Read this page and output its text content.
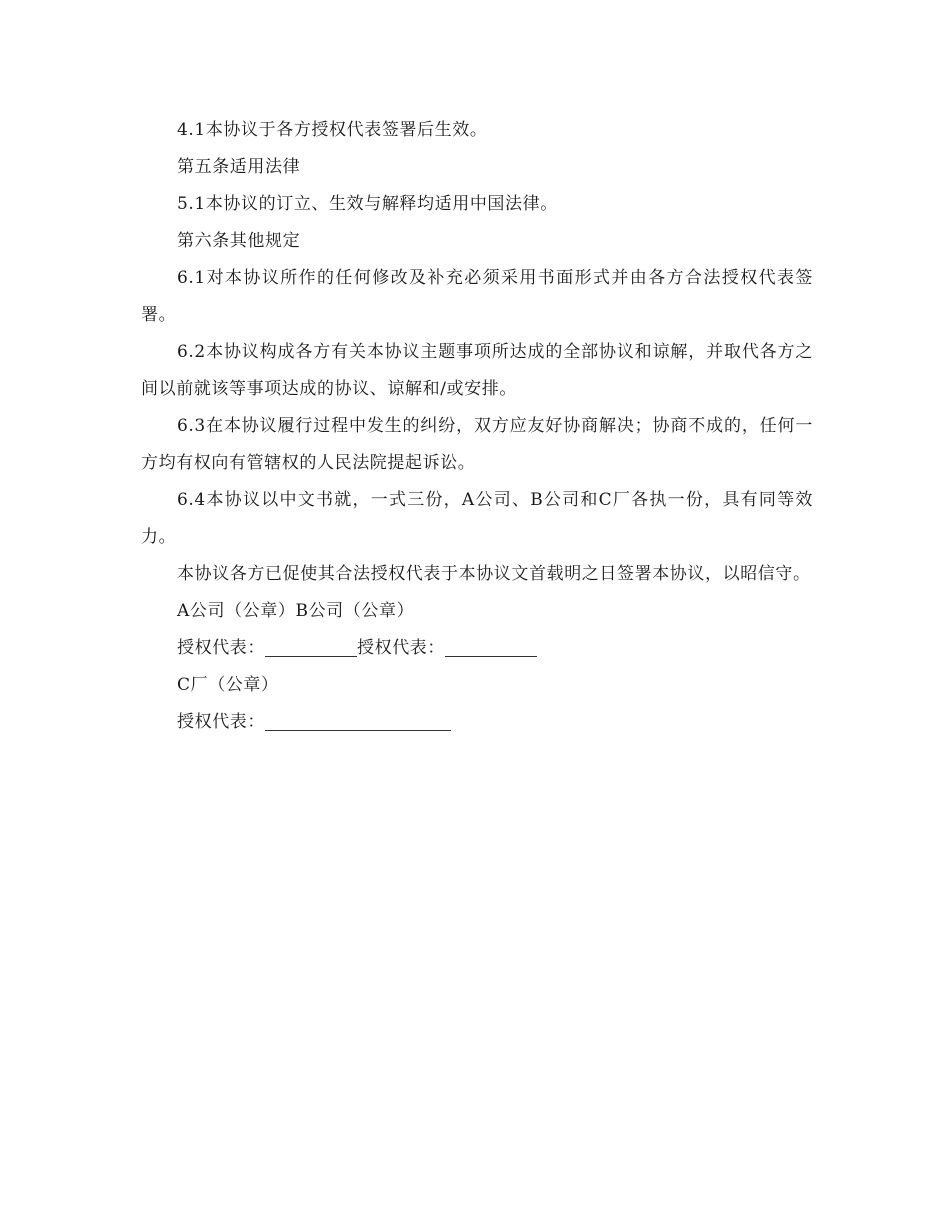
4.1本协议于各方授权代表签署后生效。

第五条适用法律

5.1本协议的订立、生效与解释均适用中国法律。

第六条其他规定

6.1对本协议所作的任何修改及补充必须采用书面形式并由各方合法授权代表签署。

6.2本协议构成各方有关本协议主题事项所达成的全部协议和谅解，并取代各方之间以前就该等事项达成的协议、谅解和/或安排。

6.3在本协议履行过程中发生的纠纷，双方应友好协商解决；协商不成的，任何一方均有权向有管辖权的人民法院提起诉讼。

6.4本协议以中文书就，一式三份，A公司、B公司和C厂各执一份，具有同等效力。

本协议各方已促使其合法授权代表于本协议文首载明之日签署本协议，以昭信守。

A公司（公章）B公司（公章）

授权代表：	授权代表：

C厂（公章）

授权代表：
